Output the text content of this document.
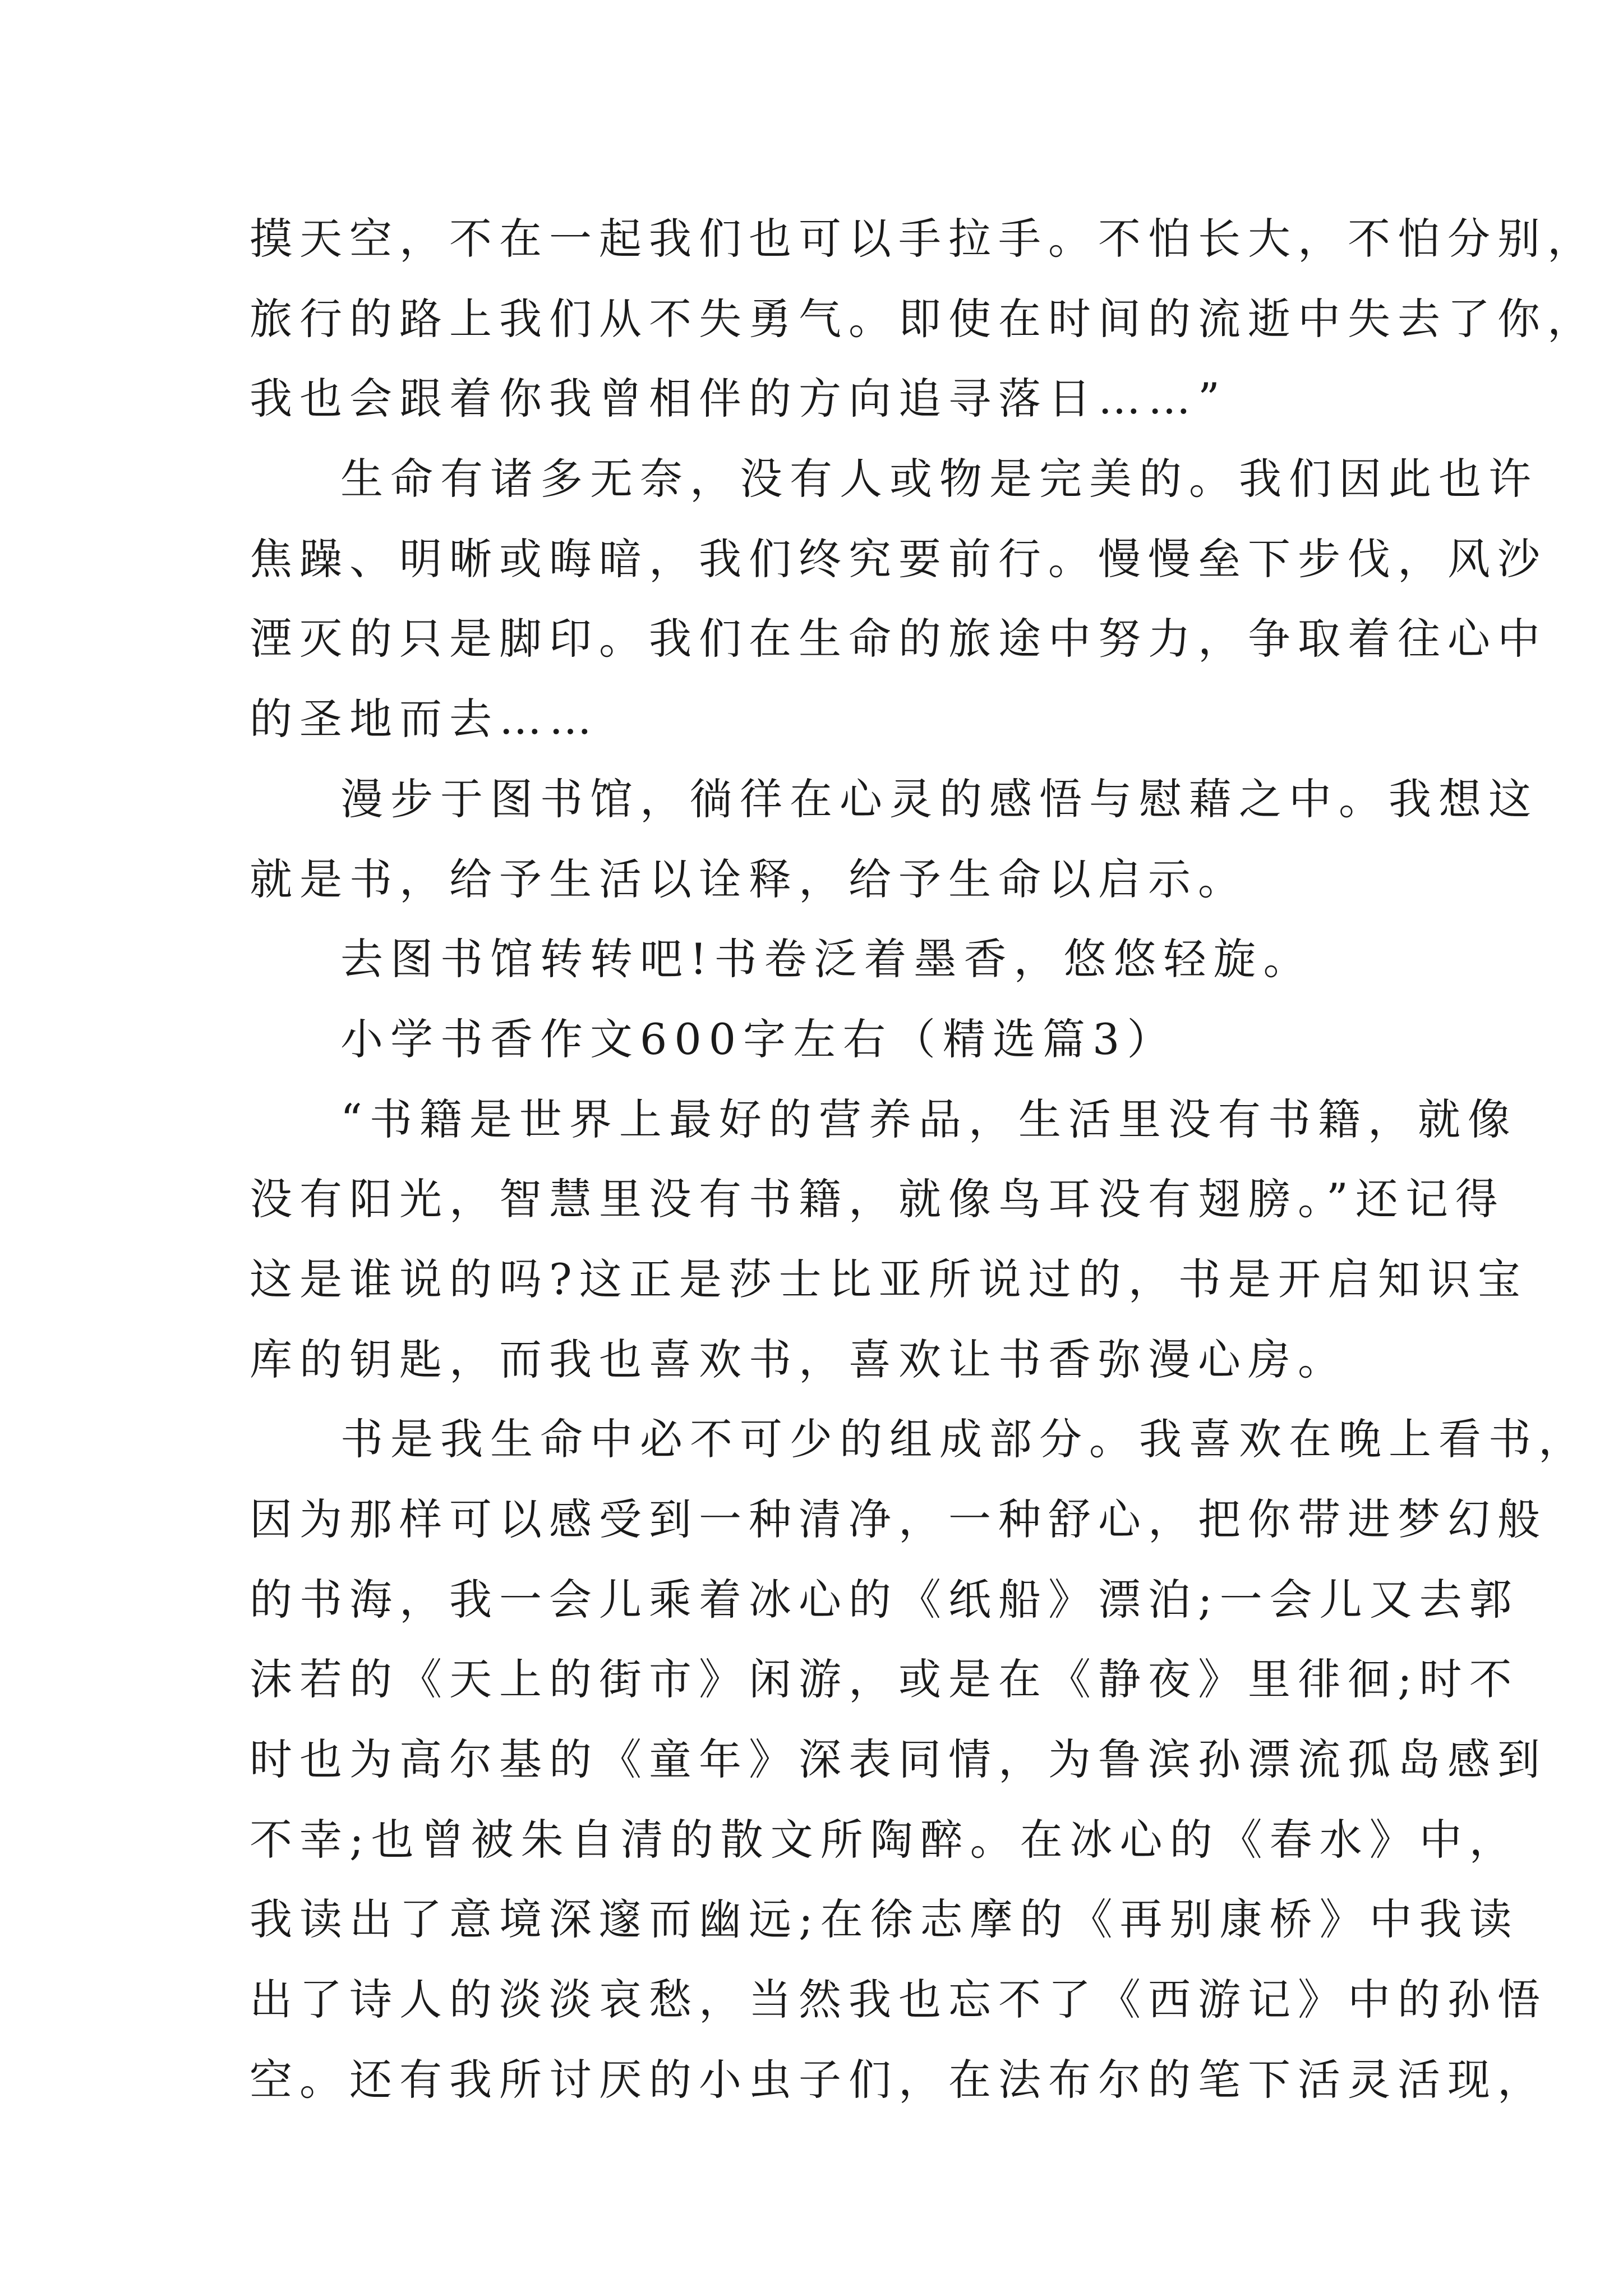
摸天空，不在一起我们也可以手拉手。不怕长大，不怕分别，
旅行的路上我们从不失勇气。即使在时间的流逝中失去了你，
我也会跟着你我曾相伴的方向追寻落日……”
生命有诸多无奈，没有人或物是完美的。我们因此也许
焦躁、明晰或晦暗，我们终究要前行。慢慢垒下步伐，风沙
湮灭的只是脚印。我们在生命的旅途中努力，争取着往心中
的圣地而去……
漫步于图书馆，徜徉在心灵的感悟与慰藉之中。我想这
就是书，给予生活以诠释，给予生命以启示。
去图书馆转转吧!书卷泛着墨香，悠悠轻旋。
小学书香作文600字左右（精选篇3）
“书籍是世界上最好的营养品，生活里没有书籍，就像
没有阳光，智慧里没有书籍，就像鸟耳没有翅膀。”还记得
这是谁说的吗?这正是莎士比亚所说过的，书是开启知识宝
库的钥匙，而我也喜欢书，喜欢让书香弥漫心房。
书是我生命中必不可少的组成部分。我喜欢在晚上看书，
因为那样可以感受到一种清净，一种舒心，把你带进梦幻般
的书海，我一会儿乘着冰心的《纸船》漂泊;一会儿又去郭
沫若的《天上的街市》闲游，或是在《静夜》里徘徊;时不
时也为高尔基的《童年》深表同情，为鲁滨孙漂流孤岛感到
不幸;也曾被朱自清的散文所陶醉。在冰心的《春水》中，
我读出了意境深邃而幽远;在徐志摩的《再别康桥》中我读
出了诗人的淡淡哀愁，当然我也忘不了《西游记》中的孙悟
空。还有我所讨厌的小虫子们，在法布尔的笔下活灵活现，
